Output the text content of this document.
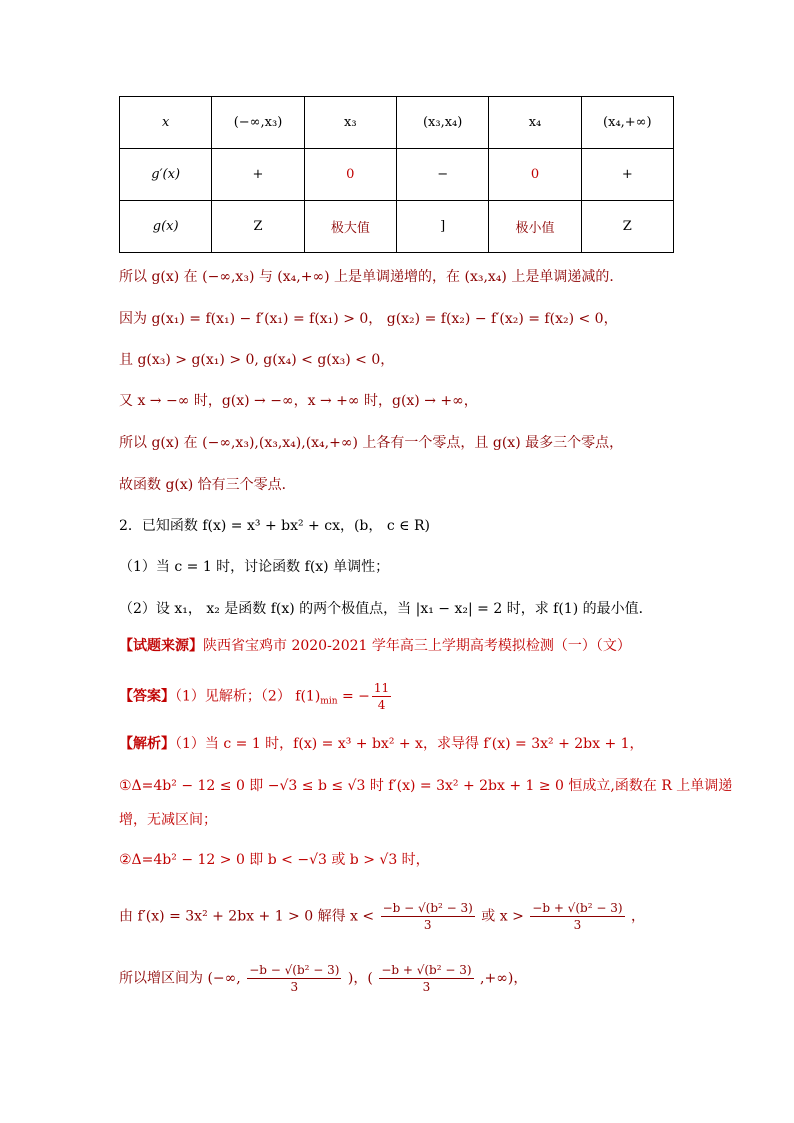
x	(−∞,x₃)	x₃	(x₃,x₄)	x₄	(x₄,+∞)
g′(x)	+	0	−	0	+
g(x)	Z	极大值	]	极小值	Z
所以 g(x) 在 (−∞,x₃) 与 (x₄,+∞) 上是单调递增的，在 (x₃,x₄) 上是单调递减的．
因为 g(x₁) = f(x₁) − f′(x₁) = f(x₁) > 0， g(x₂) = f(x₂) − f′(x₂) = f(x₂) < 0，
且 g(x₃) > g(x₁) > 0, g(x₄) < g(x₃) < 0，
又 x → −∞ 时，g(x) → −∞，x → +∞ 时，g(x) → +∞，
所以 g(x) 在 (−∞,x₃),(x₃,x₄),(x₄,+∞) 上各有一个零点，且 g(x) 最多三个零点，
故函数 g(x) 恰有三个零点．
2．已知函数 f(x) = x³ + bx² + cx，(b， c ∈ R)
（1）当 c = 1 时，讨论函数 f(x) 单调性；
（2）设 x₁， x₂ 是函数 f(x) 的两个极值点，当 |x₁ − x₂| = 2 时，求 f(1) 的最小值．
【试题来源】陕西省宝鸡市 2020-2021 学年高三上学期高考模拟检测（一）（文）
【答案】（1）见解析；（2） $f(1)_{min}$ = − $\frac{11}{4}$
【解析】（1）当 c = 1 时，f(x) = x³ + bx² + x，求导得 f′(x) = 3x² + 2bx + 1，
①Δ=4b² − 12 ≤ 0 即 −√3 ≤ b ≤ √3 时 f′(x) = 3x² + 2bx + 1 ≥ 0 恒成立,函数在 R 上单调递
增，无减区间；
②Δ=4b² − 12 > 0 即 b < −√3 或 b > √3 时，
由 f′(x) = 3x² + 2bx + 1 > 0 解得 $x < \frac{\text{−b − √(b² − 3)}}{3}$ 或 $x > \frac{\text{−b + √(b² − 3)}}{3}$ ，
所以增区间为 (−∞, $\frac{\text{−b − √(b² − 3)}}{3}$ )，( $\frac{\text{−b + √(b² − 3)}}{3}$ ,+∞)，
